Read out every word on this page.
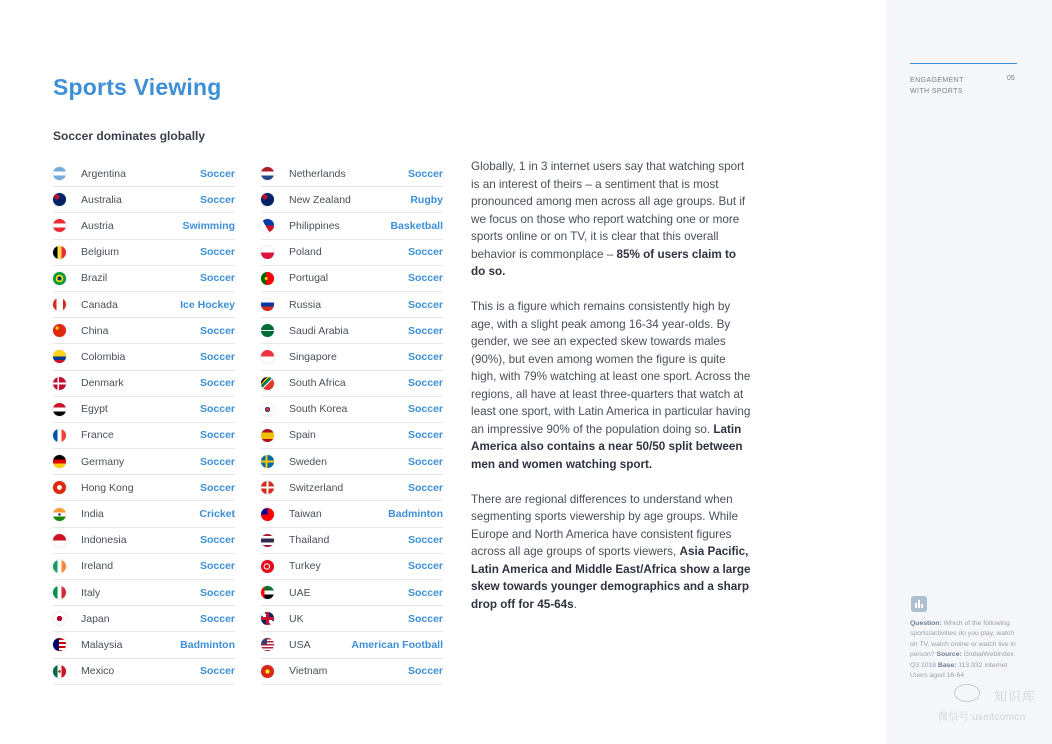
Sports Viewing
Soccer dominates globally
Argentina	Soccer
Australia	Soccer
Austria	Swimming
Belgium	Soccer
Brazil	Soccer
Canada	Ice Hockey
China	Soccer
Colombia	Soccer
Denmark	Soccer
Egypt	Soccer
France	Soccer
Germany	Soccer
Hong Kong	Soccer
India	Cricket
Indonesia	Soccer
Ireland	Soccer
Italy	Soccer
Japan	Soccer
Malaysia	Badminton
Mexico	Soccer
Netherlands	Soccer
New Zealand	Rugby
Philippines	Basketball
Poland	Soccer
Portugal	Soccer
Russia	Soccer
Saudi Arabia	Soccer
Singapore	Soccer
South Africa	Soccer
South Korea	Soccer
Spain	Soccer
Sweden	Soccer
Switzerland	Soccer
Taiwan	Badminton
Thailand	Soccer
Turkey	Soccer
UAE	Soccer
UK	Soccer
USA	American Football
Vietnam	Soccer

Globally, 1 in 3 internet users say that watching sport is an interest of theirs – a sentiment that is most pronounced among men across all age groups. But if we focus on those who report watching one or more sports online or on TV, it is clear that this overall behavior is commonplace – 85% of users claim to do so.

This is a figure which remains consistently high by age, with a slight peak among 16-34 year-olds. By gender, we see an expected skew towards males (90%), but even among women the figure is quite high, with 79% watching at least one sport. Across the regions, all have at least three-quarters that watch at least one sport, with Latin America in particular having an impressive 90% of the population doing so. Latin America also contains a near 50/50 split between men and women watching sport.

There are regional differences to understand when segmenting sports viewership by age groups. While Europe and North America have consistent figures across all age groups of sports viewers, Asia Pacific, Latin America and Middle East/Africa show a large skew towards younger demographics and a sharp drop off for 45-64s.

ENGAGEMENT
WITH SPORTS
05
Question: Which of the following sports/activities do you play, watch on TV, watch online or watch live in person? Source: GlobalWebIndex Q3 2018 Base: 113,932 Internet Users aged 16-64
知识库
微信号:useitcomcn
